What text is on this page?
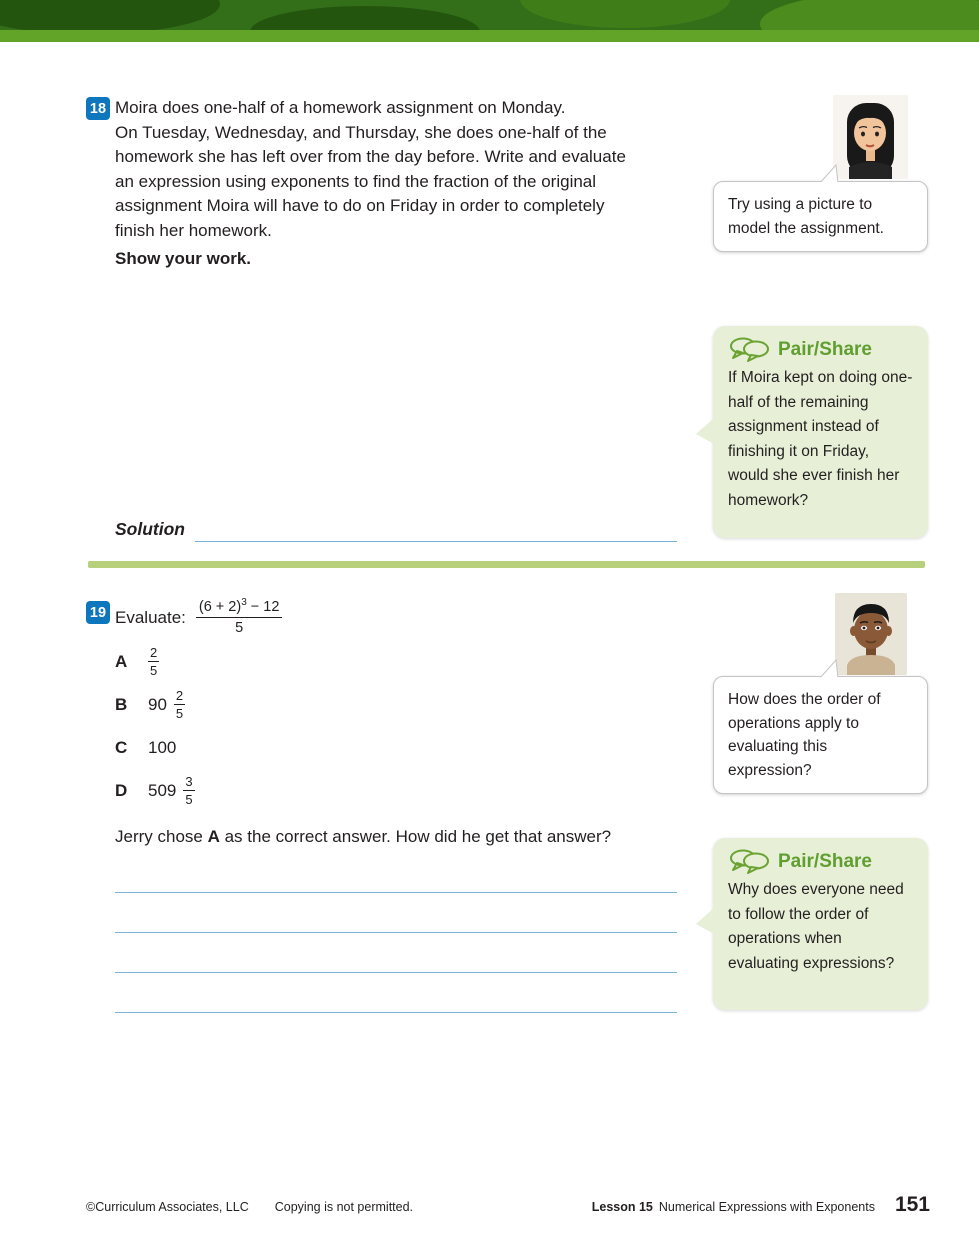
18 Moira does one-half of a homework assignment on Monday.
On Tuesday, Wednesday, and Thursday, she does one-half of the
homework she has left over from the day before. Write and evaluate
an expression using exponents to find the fraction of the original
assignment Moira will have to do on Friday in order to completely
finish her homework.
Show your work.
Solution
Try using a picture to model the assignment.
Pair/Share
If Moira kept on doing one-half of the remaining assignment instead of finishing it on Friday, would she ever finish her homework?
19 Evaluate: $\frac{(6 + 2)^3 - 12}{5}$
A	$\frac{2}{5}$
B	$90 \frac{2}{5}$
C	100
D	$509 \frac{3}{5}$
Jerry chose A as the correct answer. How did he get that answer?
How does the order of operations apply to evaluating this expression?
Pair/Share
Why does everyone need to follow the order of operations when evaluating expressions?
©Curriculum Associates, LLC Copying is not permitted.	Lesson 15 Numerical Expressions with Exponents 151
